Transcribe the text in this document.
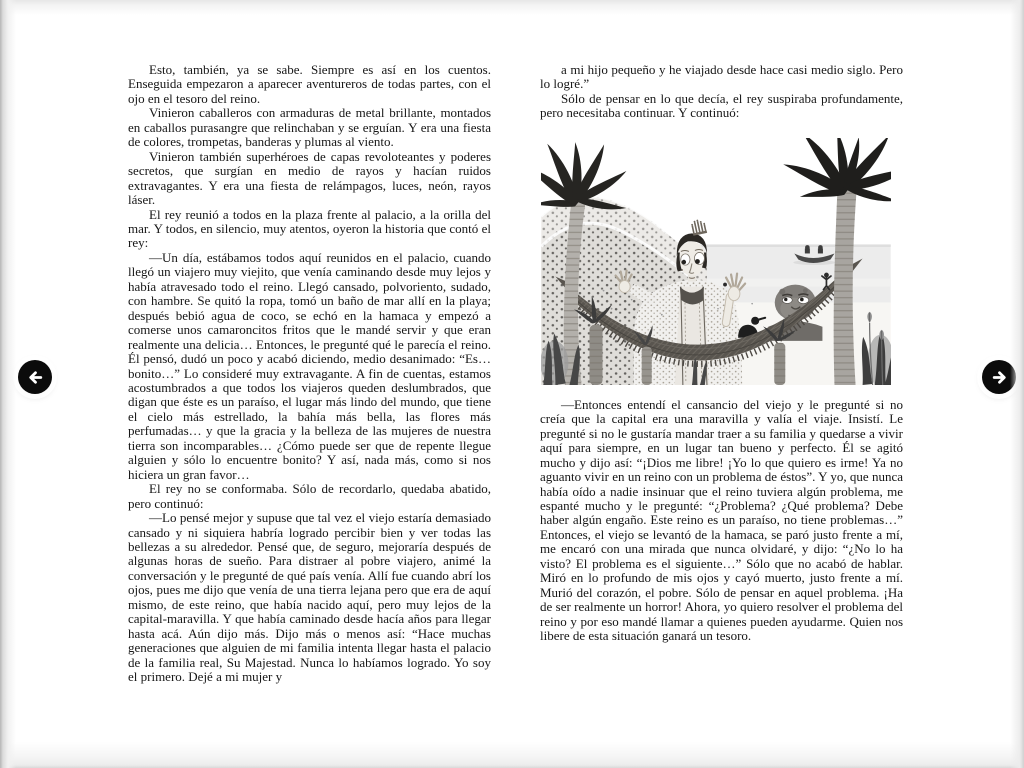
Esto, también, ya se sabe. Siempre es así en los cuentos. Enseguida empezaron a aparecer aventureros de todas partes, con el ojo en el tesoro del reino.

Vinieron caballeros con armaduras de metal brillante, montados en caballos purasangre que relinchaban y se erguían. Y era una fiesta de colores, trompetas, banderas y plumas al viento.

Vinieron también superhéroes de capas revoloteantes y poderes secretos, que surgían en medio de rayos y hacían ruidos extravagantes. Y era una fiesta de relámpagos, luces, neón, rayos láser.

El rey reunió a todos en la plaza frente al palacio, a la orilla del mar. Y todos, en silencio, muy atentos, oyeron la historia que contó el rey:

—Un día, estábamos todos aquí reunidos en el palacio, cuando llegó un viajero muy viejito, que venía caminando desde muy lejos y había atravesado todo el reino. Llegó cansado, polvoriento, sudado, con hambre. Se quitó la ropa, tomó un baño de mar allí en la playa; después bebió agua de coco, se echó en la hamaca y empezó a comerse unos camaroncitos fritos que le mandé servir y que eran realmente una delicia… Entonces, le pregunté qué le parecía el reino. Él pensó, dudó un poco y acabó diciendo, medio desanimado: “Es… bonito…” Lo consideré muy extravagante. A fin de cuentas, estamos acostumbrados a que todos los viajeros queden deslumbrados, que digan que éste es un paraíso, el lugar más lindo del mundo, que tiene el cielo más estrellado, la bahía más bella, las flores más perfumadas… y que la gracia y la belleza de las mujeres de nuestra tierra son incomparables… ¿Cómo puede ser que de repente llegue alguien y sólo lo encuentre bonito? Y así, nada más, como si nos hiciera un gran favor…

El rey no se conformaba. Sólo de recordarlo, quedaba abatido, pero continuó:

—Lo pensé mejor y supuse que tal vez el viejo estaría demasiado cansado y ni siquiera habría logrado percibir bien y ver todas las bellezas a su alrededor. Pensé que, de seguro, mejoraría después de algunas horas de sueño. Para distraer al pobre viajero, animé la conversación y le pregunté de qué país venía. Allí fue cuando abrí los ojos, pues me dijo que venía de una tierra lejana pero que era de aquí mismo, de este reino, que había nacido aquí, pero muy lejos de la capital-maravilla. Y que había caminado desde hacía años para llegar hasta acá. Aún dijo más. Dijo más o menos así: “Hace muchas generaciones que alguien de mi familia intenta llegar hasta el palacio de la familia real, Su Majestad. Nunca lo habíamos logrado. Yo soy el primero. Dejé a mi mujer y

a mi hijo pequeño y he viajado desde hace casi medio siglo. Pero lo logré.”

Sólo de pensar en lo que decía, el rey suspiraba profundamente, pero necesitaba continuar. Y continuó:

—Entonces entendí el cansancio del viejo y le pregunté si no creía que la capital era una maravilla y valía el viaje. Insistí. Le pregunté si no le gustaría mandar traer a su familia y quedarse a vivir aquí para siempre, en un lugar tan bueno y perfecto. Él se agitó mucho y dijo así: “¡Dios me libre! ¡Yo lo que quiero es irme! Ya no aguanto vivir en un reino con un problema de éstos”. Y yo, que nunca había oído a nadie insinuar que el reino tuviera algún problema, me espanté mucho y le pregunté: “¿Problema? ¿Qué problema? Debe haber algún engaño. Este reino es un paraíso, no tiene problemas…” Entonces, el viejo se levantó de la hamaca, se paró justo frente a mí, me encaró con una mirada que nunca olvidaré, y dijo: “¿No lo ha visto? El problema es el siguiente…” Sólo que no acabó de hablar. Miró en lo profundo de mis ojos y cayó muerto, justo frente a mí. Murió del corazón, el pobre. Sólo de pensar en aquel problema. ¡Ha de ser realmente un horror! Ahora, yo quiero resolver el problema del reino y por eso mandé llamar a quienes pueden ayudarme. Quien nos libere de esta situación ganará un tesoro.
